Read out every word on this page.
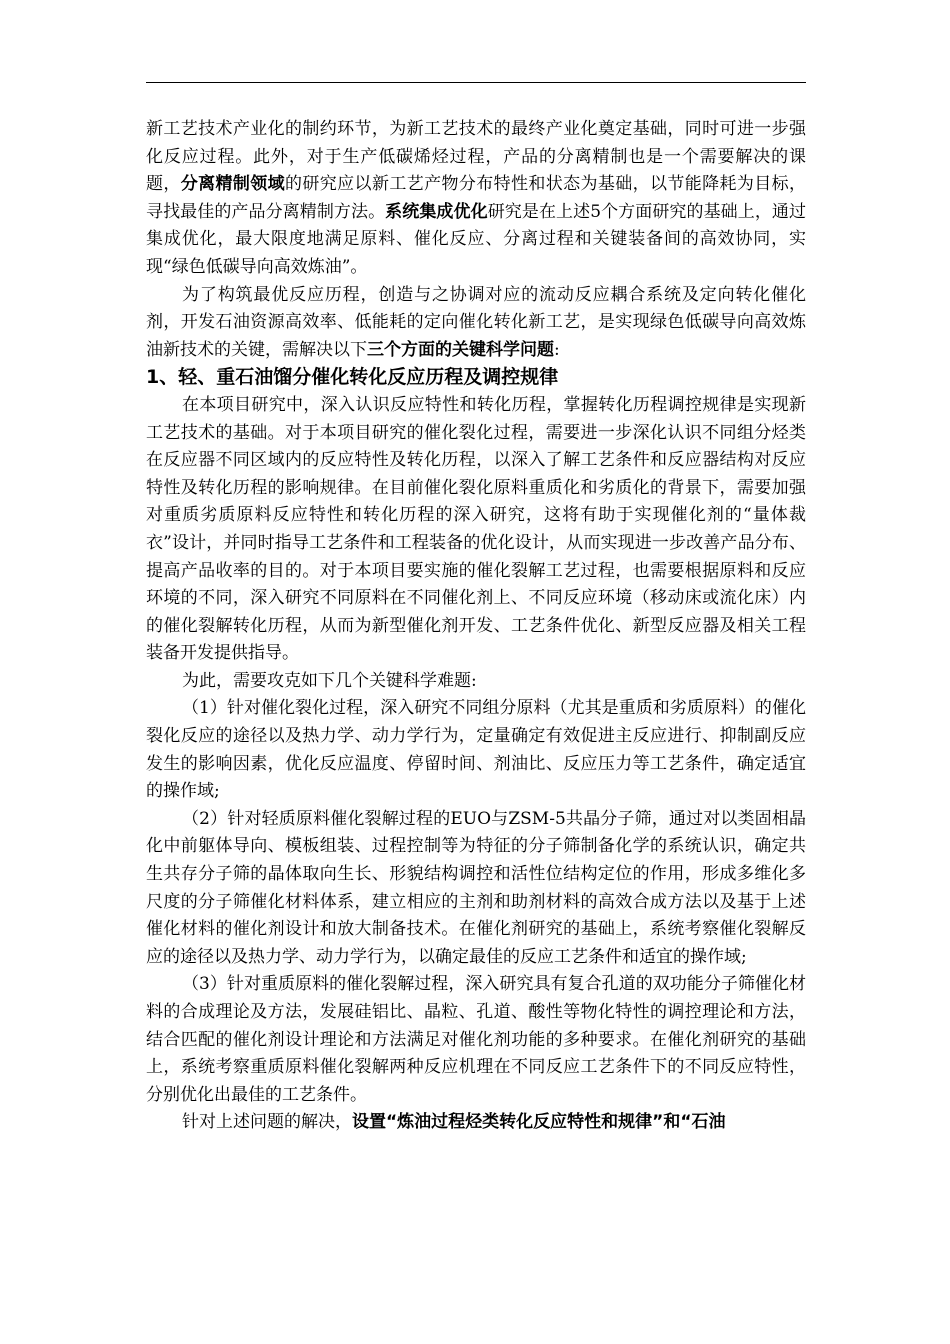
新工艺技术产业化的制约环节，为新工艺技术的最终产业化奠定基础，同时可进一步强化反应过程。此外，对于生产低碳烯烃过程，产品的分离精制也是一个需要解决的课题，分离精制领域的研究应以新工艺产物分布特性和状态为基础，以节能降耗为目标，寻找最佳的产品分离精制方法。系统集成优化研究是在上述5个方面研究的基础上，通过集成优化，最大限度地满足原料、催化反应、分离过程和关键装备间的高效协同，实现“绿色低碳导向高效炼油”。

为了构筑最优反应历程，创造与之协调对应的流动反应耦合系统及定向转化催化剂，开发石油资源高效率、低能耗的定向催化转化新工艺，是实现绿色低碳导向高效炼油新技术的关键，需解决以下三个方面的关键科学问题:

1、轻、重石油馏分催化转化反应历程及调控规律

在本项目研究中，深入认识反应特性和转化历程，掌握转化历程调控规律是实现新工艺技术的基础。对于本项目研究的催化裂化过程，需要进一步深化认识不同组分烃类在反应器不同区域内的反应特性及转化历程，以深入了解工艺条件和反应器结构对反应特性及转化历程的影响规律。在目前催化裂化原料重质化和劣质化的背景下，需要加强对重质劣质原料反应特性和转化历程的深入研究，这将有助于实现催化剂的“量体裁衣”设计，并同时指导工艺条件和工程装备的优化设计，从而实现进一步改善产品分布、提高产品收率的目的。对于本项目要实施的催化裂解工艺过程，也需要根据原料和反应环境的不同，深入研究不同原料在不同催化剂上、不同反应环境（移动床或流化床）内的催化裂解转化历程，从而为新型催化剂开发、工艺条件优化、新型反应器及相关工程装备开发提供指导。

为此，需要攻克如下几个关键科学难题:

（1）针对催化裂化过程，深入研究不同组分原料（尤其是重质和劣质原料）的催化裂化反应的途径以及热力学、动力学行为，定量确定有效促进主反应进行、抑制副反应发生的影响因素，优化反应温度、停留时间、剂油比、反应压力等工艺条件，确定适宜的操作域;

（2）针对轻质原料催化裂解过程的EUO与ZSM-5共晶分子筛，通过对以类固相晶化中前躯体导向、模板组装、过程控制等为特征的分子筛制备化学的系统认识，确定共生共存分子筛的晶体取向生长、形貌结构调控和活性位结构定位的作用，形成多维化多尺度的分子筛催化材料体系，建立相应的主剂和助剂材料的高效合成方法以及基于上述催化材料的催化剂设计和放大制备技术。在催化剂研究的基础上，系统考察催化裂解反应的途径以及热力学、动力学行为，以确定最佳的反应工艺条件和适宜的操作域;

（3）针对重质原料的催化裂解过程，深入研究具有复合孔道的双功能分子筛催化材料的合成理论及方法，发展硅铝比、晶粒、孔道、酸性等物化特性的调控理论和方法，结合匹配的催化剂设计理论和方法满足对催化剂功能的多种要求。在催化剂研究的基础上，系统考察重质原料催化裂解两种反应机理在不同反应工艺条件下的不同反应特性，分别优化出最佳的工艺条件。

针对上述问题的解决，设置“炼油过程烃类转化反应特性和规律”和“石油
